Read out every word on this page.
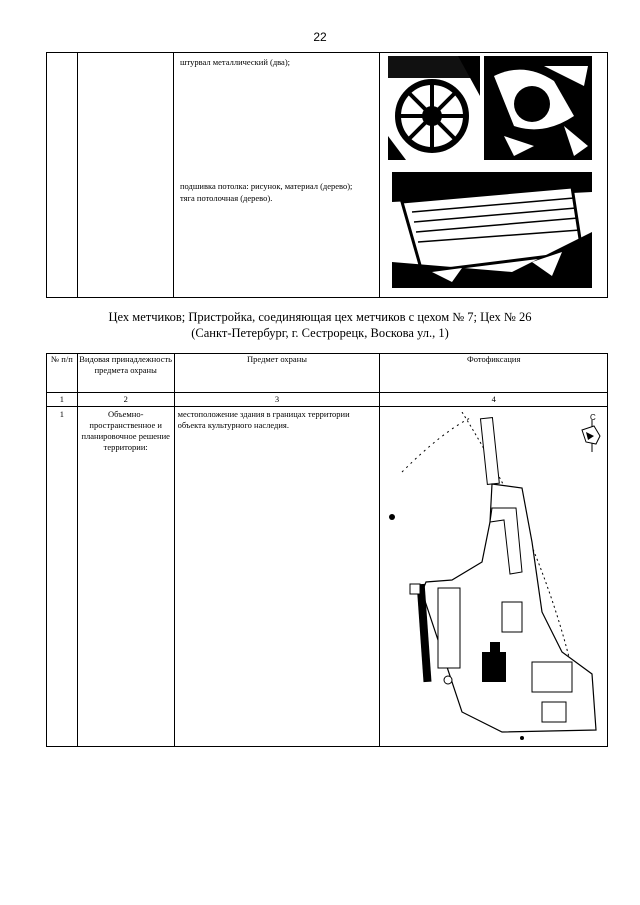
22

штурвал металлический (два);
подшивка потолка: рисунок, материал (дерево);
тяга потолочная (дерево).
Цех метчиков; Пристройка, соединяющая цех метчиков с цехом № 7; Цех № 26
(Санкт-Петербург, г. Сестрорецк, Воскова ул., 1)
№ п/п	Видовая принадлежность предмета охраны	Предмет охраны	Фотофиксация
1	2	3	4
1	Объемно-пространственное и планировочное решение территории:	местоположение здания в границах территории объекта культурного наследия.	
С
